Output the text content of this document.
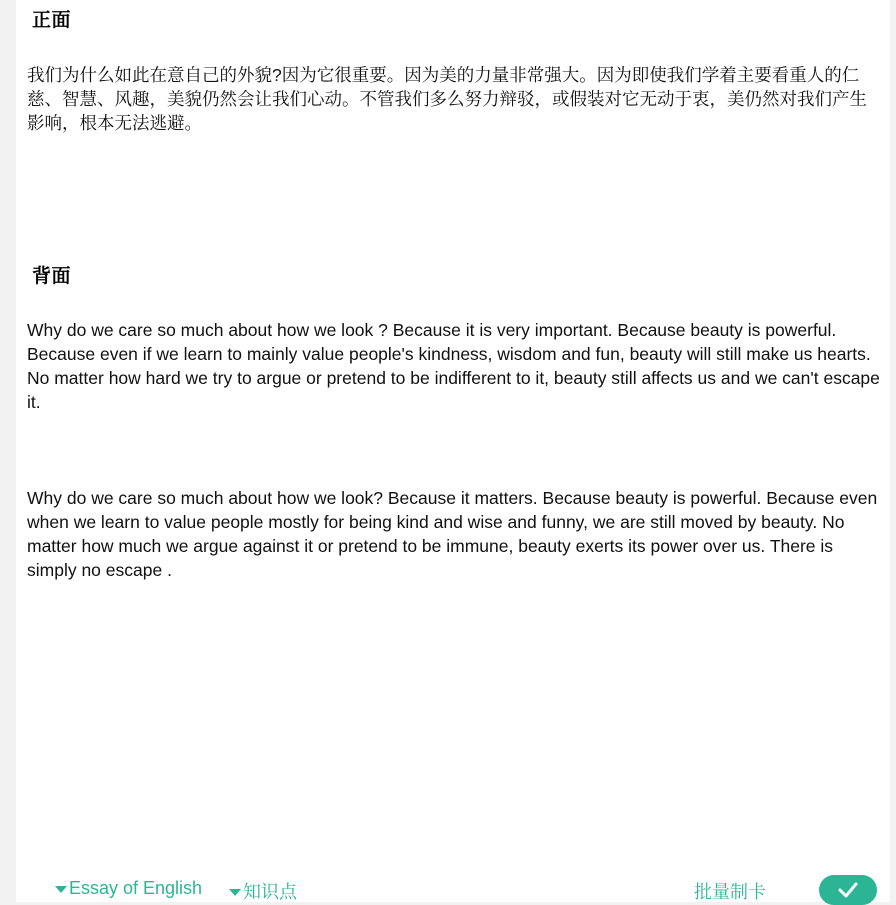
正面
我们为什么如此在意自己的外貌?因为它很重要。因为美的力量非常强大。因为即使我们学着主要看重人的仁慈、智慧、风趣，美貌仍然会让我们心动。不管我们多么努力辩驳，或假装对它无动于衷，美仍然对我们产生影响，根本无法逃避。
背面
Why do we care so much about how we look ? Because it is very important. Because beauty is powerful. Because even if we learn to mainly value people's kindness, wisdom and fun, beauty will still make us hearts. No matter how hard we try to argue or pretend to be indifferent to it, beauty still affects us and we can't escape it.
Why do we care so much about how we look? Because it matters. Because beauty is powerful. Because even when we learn to value people mostly for being kind and wise and funny, we are still moved by beauty. No matter how much we argue against it or pretend to be immune, beauty exerts its power over us. There is simply no escape .
Essay of English 知识点	批量制卡
